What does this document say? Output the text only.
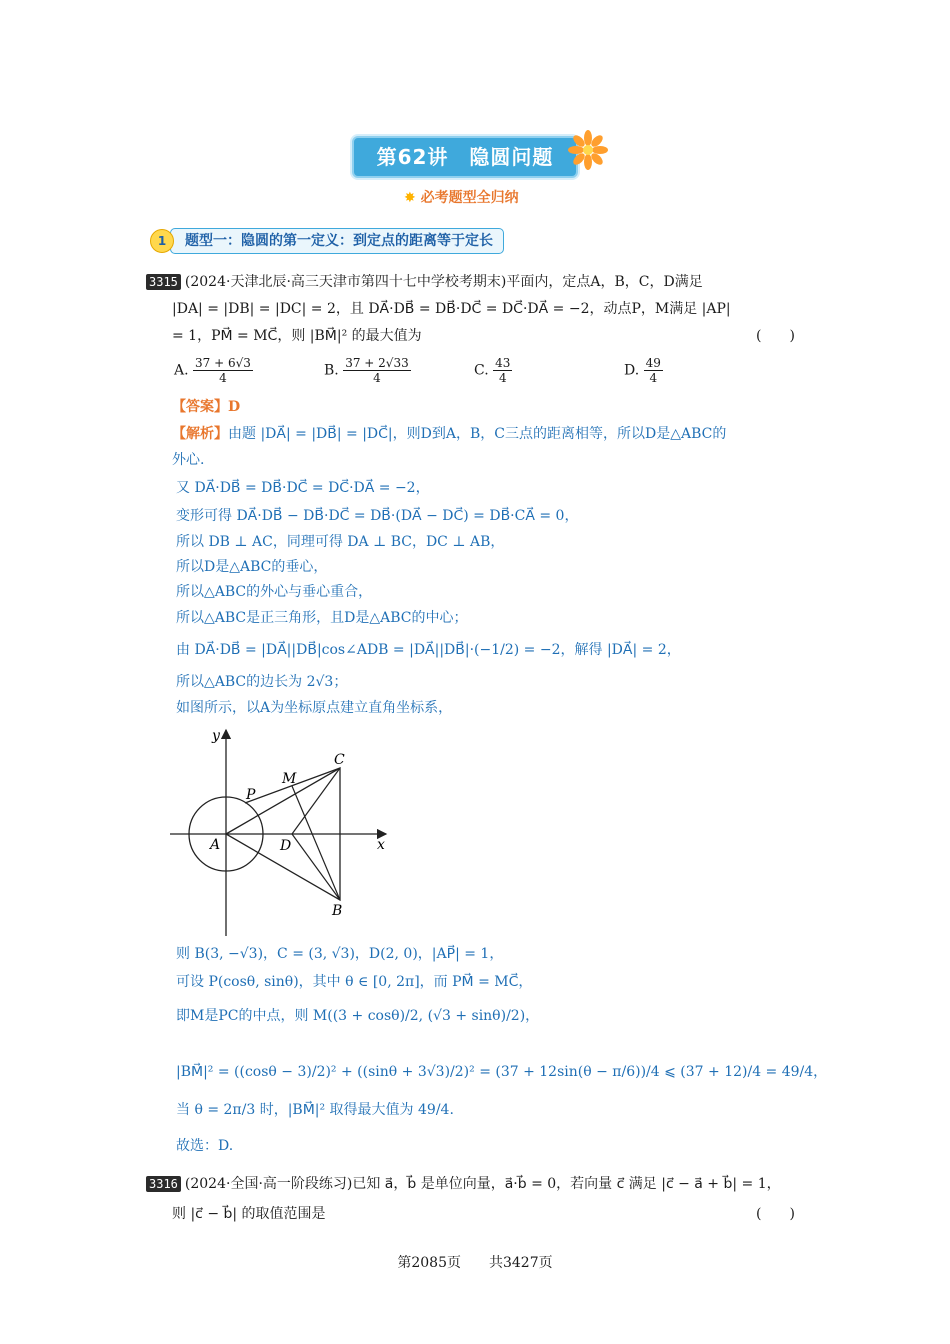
第62讲　隐圆问题
✸ 必考题型全归纳
题型一：隐圆的第一定义：到定点的距离等于定长
1
3315 (2024·天津北辰·高三天津市第四十七中学校考期末)平面内，定点A，B，C，D满足
|DA| = |DB| = |DC| = 2，且 DA⃗·DB⃗ = DB⃗·DC⃗ = DC⃗·DA⃗ = −2，动点P，M满足 |AP|
= 1，PM⃗ = MC⃗，则 |BM⃗|² 的最大值为	(　　)
A. $\frac{37 + 6√3}{4}$	B. $\frac{37 + 2√33}{4}$	C. $\frac{43}{4}$	D. $\frac{49}{4}$
【答案】D
【解析】由题 |DA⃗| = |DB⃗| = |DC⃗|，则D到A，B，C三点的距离相等，所以D是△ABC的
外心.
又 DA⃗·DB⃗ = DB⃗·DC⃗ = DC⃗·DA⃗ = −2，
变形可得 DA⃗·DB⃗ − DB⃗·DC⃗ = DB⃗·(DA⃗ − DC⃗) = DB⃗·CA⃗ = 0，
所以 DB ⊥ AC，同理可得 DA ⊥ BC，DC ⊥ AB，
所以D是△ABC的垂心，
所以△ABC的外心与垂心重合，
所以△ABC是正三角形，且D是△ABC的中心；
由 DA⃗·DB⃗ = |DA⃗||DB⃗|cos∠ADB = |DA⃗||DB⃗|·(−1/2) = −2，解得 |DA⃗| = 2，
所以△ABC的边长为 2√3；
如图所示，以A为坐标原点建立直角坐标系，
y
x
A	D
B
C
P
M
则 B(3, −√3)，C = (3, √3)，D(2, 0)，|AP⃗| = 1，
可设 P(cosθ, sinθ)，其中 θ ∈ [0, 2π]，而 PM⃗ = MC⃗，
即M是PC的中点，则 M((3 + cosθ)/2, (√3 + sinθ)/2)，
|BM⃗|² = ((cosθ − 3)/2)² + ((sinθ + 3√3)/2)² = (37 + 12sin(θ − π/6))/4 ⩽ (37 + 12)/4 = 49/4，
当 θ = 2π/3 时，|BM⃗|² 取得最大值为 49/4.
故选：D.
3316 (2024·全国·高一阶段练习)已知 a⃗，b⃗ 是单位向量，a⃗·b⃗ = 0，若向量 c⃗ 满足 |c⃗ − a⃗ + b⃗| = 1，
则 |c⃗ − b⃗| 的取值范围是	(　　)
第2085页　　共3427页
